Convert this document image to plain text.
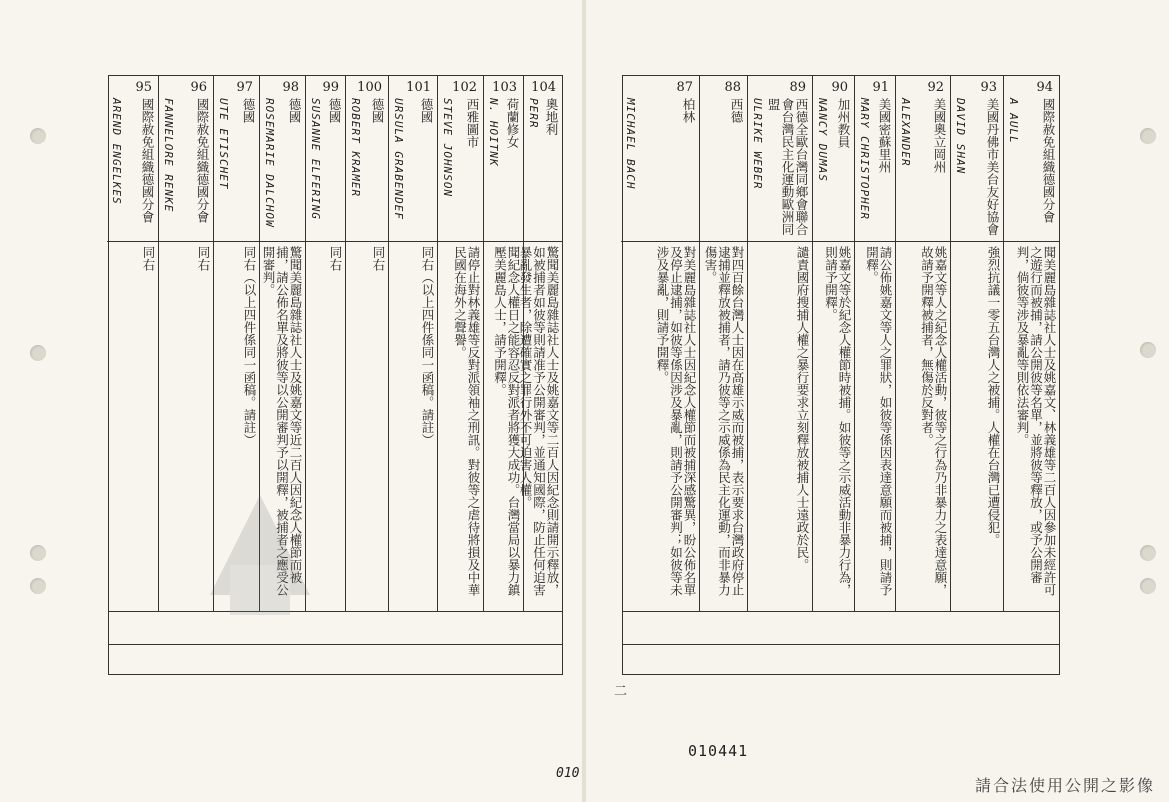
104
奧地利
PERR
驚聞美麗島雜誌社人士及姚嘉文等二百人因紀念則請開示釋放，如被捕者如彼等則請准予公開審判，並通知國際，防止任何迫害暴亂發生者，除遭確實之罪行外不可迫害人權。
103
荷蘭修女
N. HOITNK
聞紀念人權日之能容忍反對派者將獲大成功。台灣當局以暴力鎮壓美麗島人士，請予開釋。
102
西雅圖市
STEVE JOHNSON
請停止對林義雄等反對派領袖之刑訊。對彼等之虐待將損及中華民國在海外之聲譽。
101
德國
URSULA GRABENDEF
同右（以上四件係同一函稿。請註）
100
德國
ROBERT KRAMER
同右
99
德國
SUSANNE ELFERING
同右
98
德國
ROSEMARIE DALCHOW
驚聞美麗島雜誌社人士及姚嘉文等近二百人因紀念人權節而被捕，請公佈名單及將彼等以公開審判予以開釋，被捕者之應受公開審判。
97
德國
UTE ETISCHET
同右（以上四件係同一函稿。請註）
96
國際赦免組織德國分會
FANNELORE RENKE
同右
95
國際赦免組織德國分會
AREND ENGELKES
同右
94
國際赦免組織德國分會
A AULL
聞美麗島雜誌社人士及姚嘉文、林義雄等二百人因參加未經許可之遊行而被捕，請公開彼等名單，並將彼等釋放，或予公開審判，倘彼等涉及暴亂等則依法審判。
93
美國丹佛市美台友好協會
DAVID SHAN
強烈抗議一零五台灣人之被捕。人權在台灣已遭侵犯。
92
美國奧立岡州
ALEXANDER
姚嘉文等人之紀念人權活動，彼等之行為乃非暴力之表達意願，故請予開釋被捕者，無傷於反對者。
91
美國密蘇里州
MARY CHRISTOPHER
請公佈姚嘉文等人之罪狀，如彼等係因表達意願而被捕，則請予開釋。
90
加州教員
NANCY DUMAS
姚嘉文等於紀念人權節時被捕。如彼等之示威活動非暴力行為，則請予開釋。
89
西德全歐台灣同鄉會聯合會台灣民主化運動歐洲同盟
ULRIKE WEBER
譴責國府搜捕人權之暴行要求立刻釋放被捕人士遠政於民。
88
西德
對四百餘台灣人士因在高雄示威而被捕，表示要求台灣政府停止逮捕並釋放被捕者，請乃彼等之示威係為民主化運動，而非暴力傷害。
87
柏林
MICHAEL BACH
對美麗島雜誌社人士因紀念人權節而被捕深感驚異，盼公佈名單及停止逮捕，如彼等係因涉及暴亂，則請予公開審判；如彼等未涉及暴亂，則請予開釋。
二
010441
010
請合法使用公開之影像
